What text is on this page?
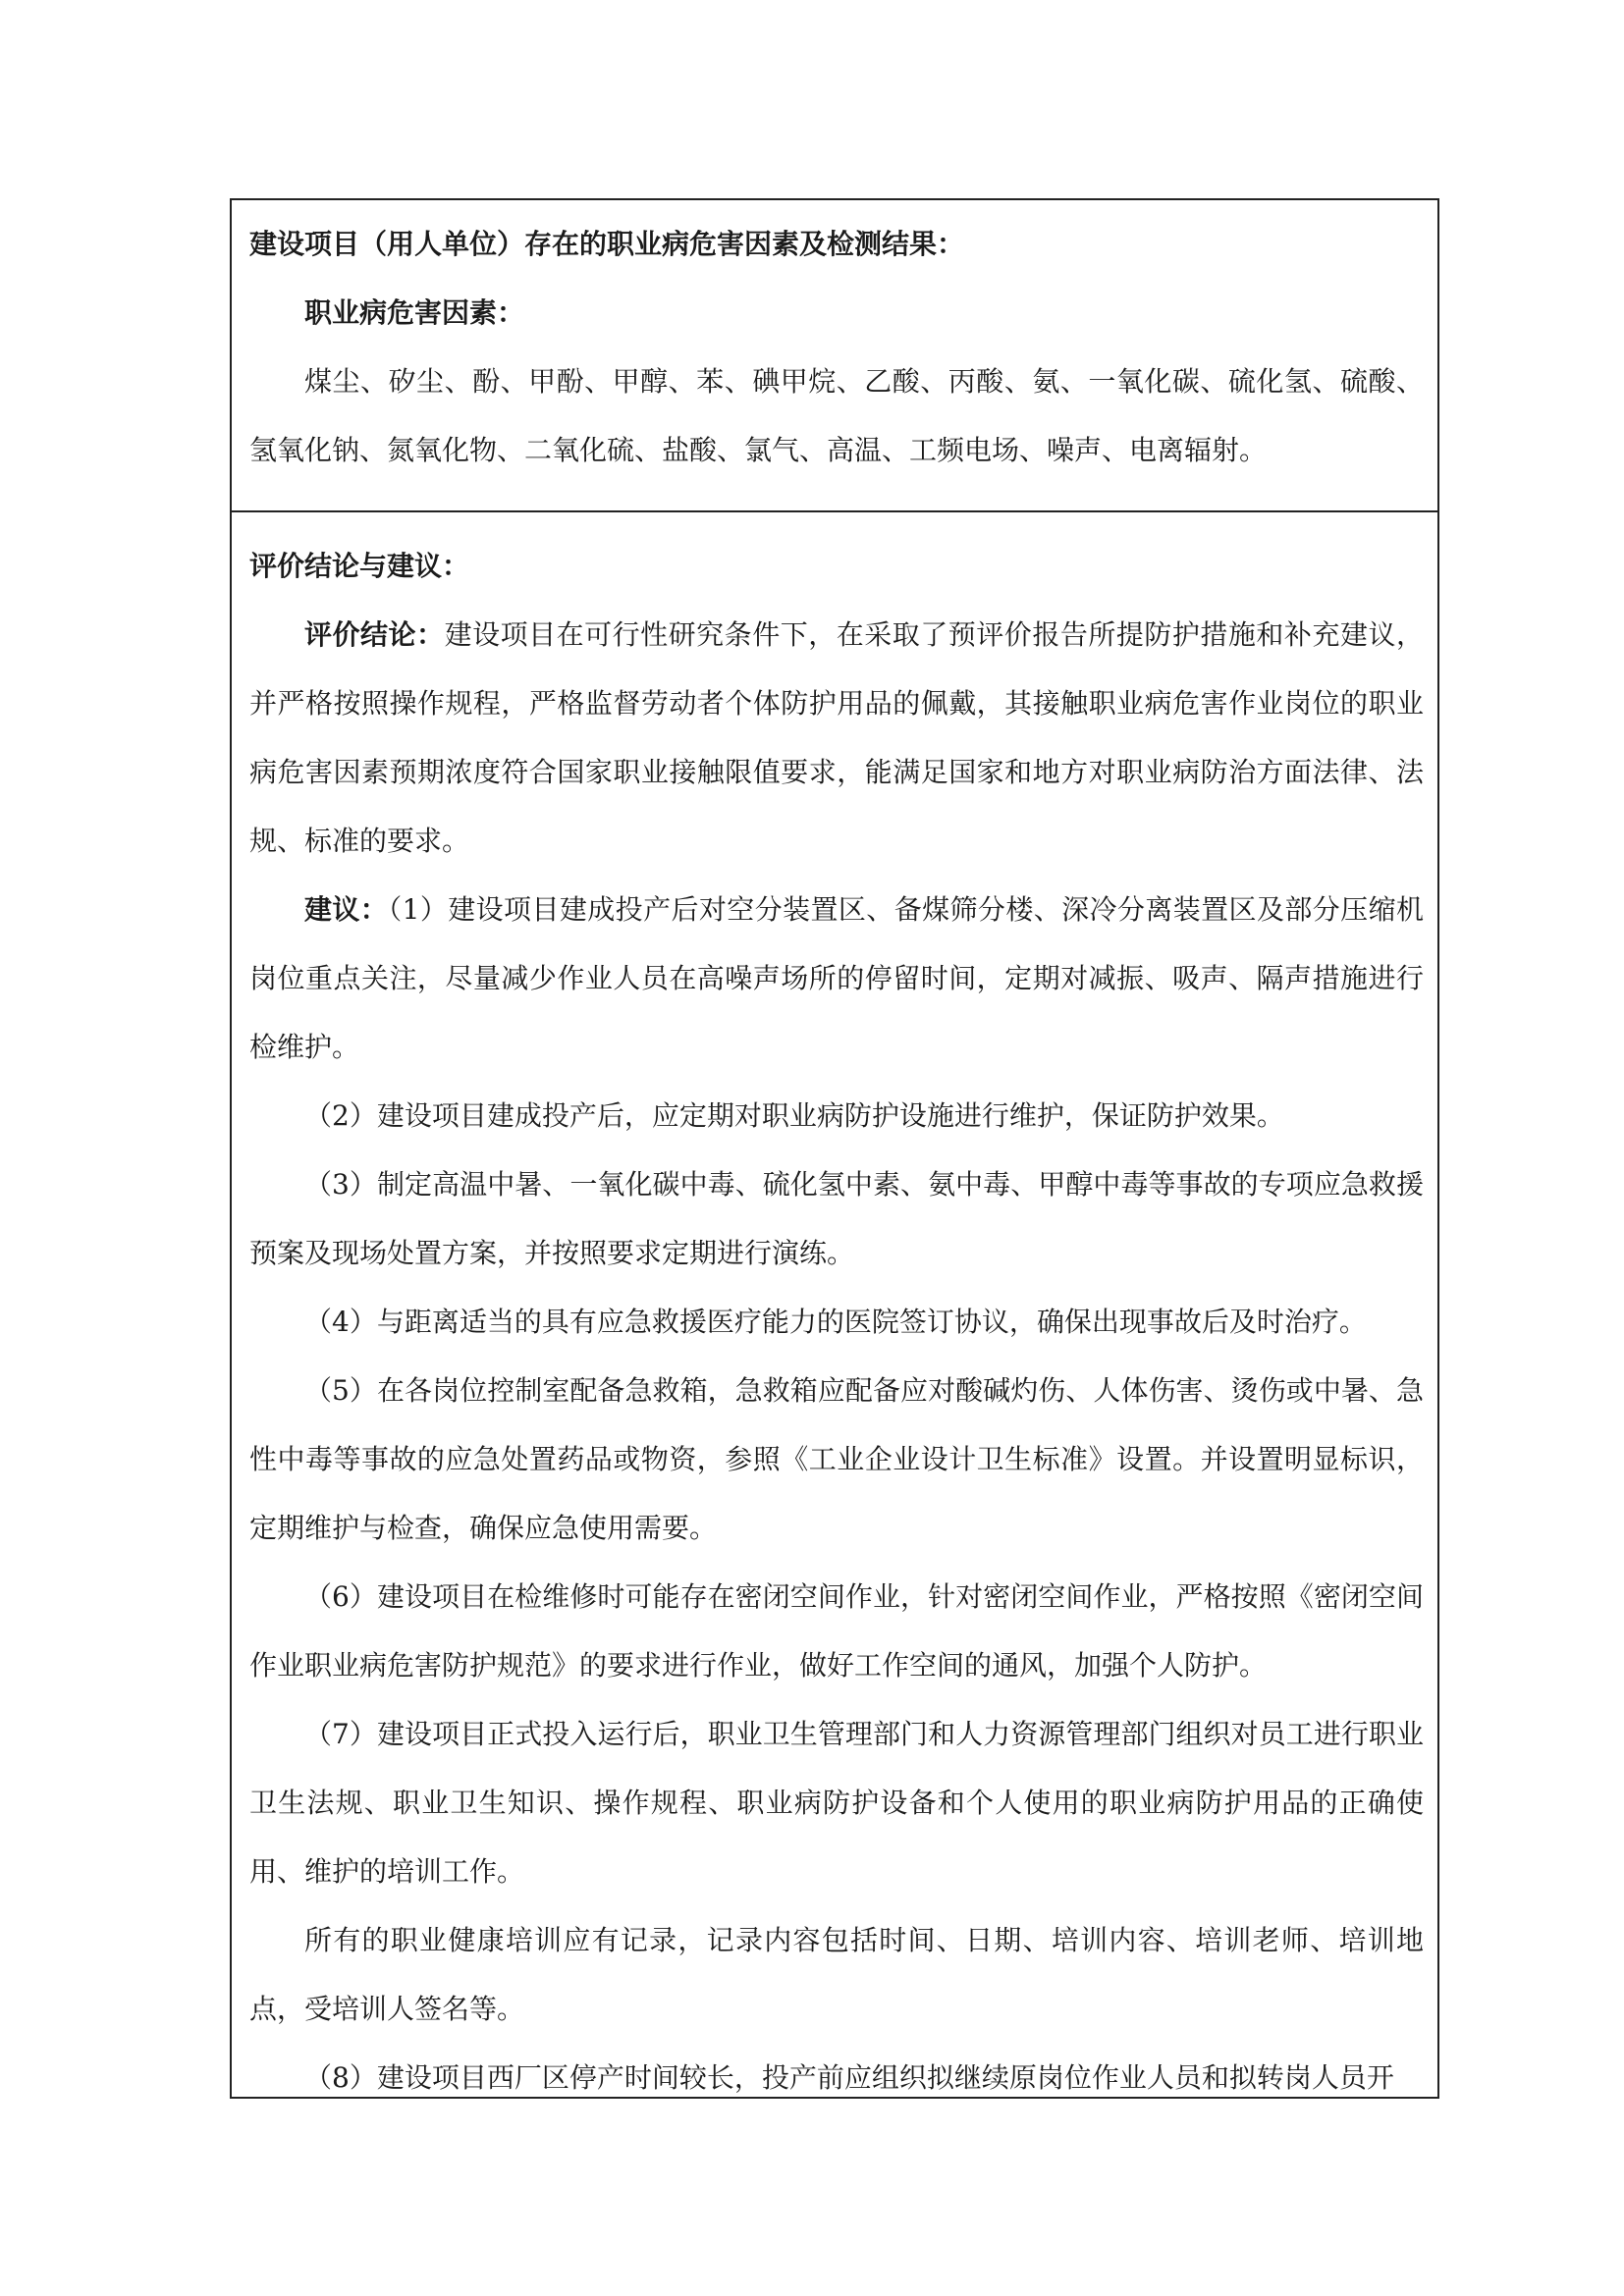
建设项目（用人单位）存在的职业病危害因素及检测结果：

职业病危害因素：

煤尘、矽尘、酚、甲酚、甲醇、苯、碘甲烷、乙酸、丙酸、氨、一氧化碳、硫化氢、硫酸、氢氧化钠、氮氧化物、二氧化硫、盐酸、氯气、高温、工频电场、噪声、电离辐射。

评价结论与建议：

评价结论：建设项目在可行性研究条件下，在采取了预评价报告所提防护措施和补充建议，并严格按照操作规程，严格监督劳动者个体防护用品的佩戴，其接触职业病危害作业岗位的职业病危害因素预期浓度符合国家职业接触限值要求，能满足国家和地方对职业病防治方面法律、法规、标准的要求。

建议：（1）建设项目建成投产后对空分装置区、备煤筛分楼、深冷分离装置区及部分压缩机岗位重点关注，尽量减少作业人员在高噪声场所的停留时间，定期对减振、吸声、隔声措施进行检维护。

（2）建设项目建成投产后，应定期对职业病防护设施进行维护，保证防护效果。

（3）制定高温中暑、一氧化碳中毒、硫化氢中素、氨中毒、甲醇中毒等事故的专项应急救援预案及现场处置方案，并按照要求定期进行演练。

（4）与距离适当的具有应急救援医疗能力的医院签订协议，确保出现事故后及时治疗。

（5）在各岗位控制室配备急救箱，急救箱应配备应对酸碱灼伤、人体伤害、烫伤或中暑、急性中毒等事故的应急处置药品或物资，参照《工业企业设计卫生标准》设置。并设置明显标识，定期维护与检查，确保应急使用需要。

（6）建设项目在检维修时可能存在密闭空间作业，针对密闭空间作业，严格按照《密闭空间作业职业病危害防护规范》的要求进行作业，做好工作空间的通风，加强个人防护。

（7）建设项目正式投入运行后，职业卫生管理部门和人力资源管理部门组织对员工进行职业卫生法规、职业卫生知识、操作规程、职业病防护设备和个人使用的职业病防护用品的正确使用、维护的培训工作。

所有的职业健康培训应有记录，记录内容包括时间、日期、培训内容、培训老师、培训地点，受培训人签名等。

（8）建设项目西厂区停产时间较长，投产前应组织拟继续原岗位作业人员和拟转岗人员开
